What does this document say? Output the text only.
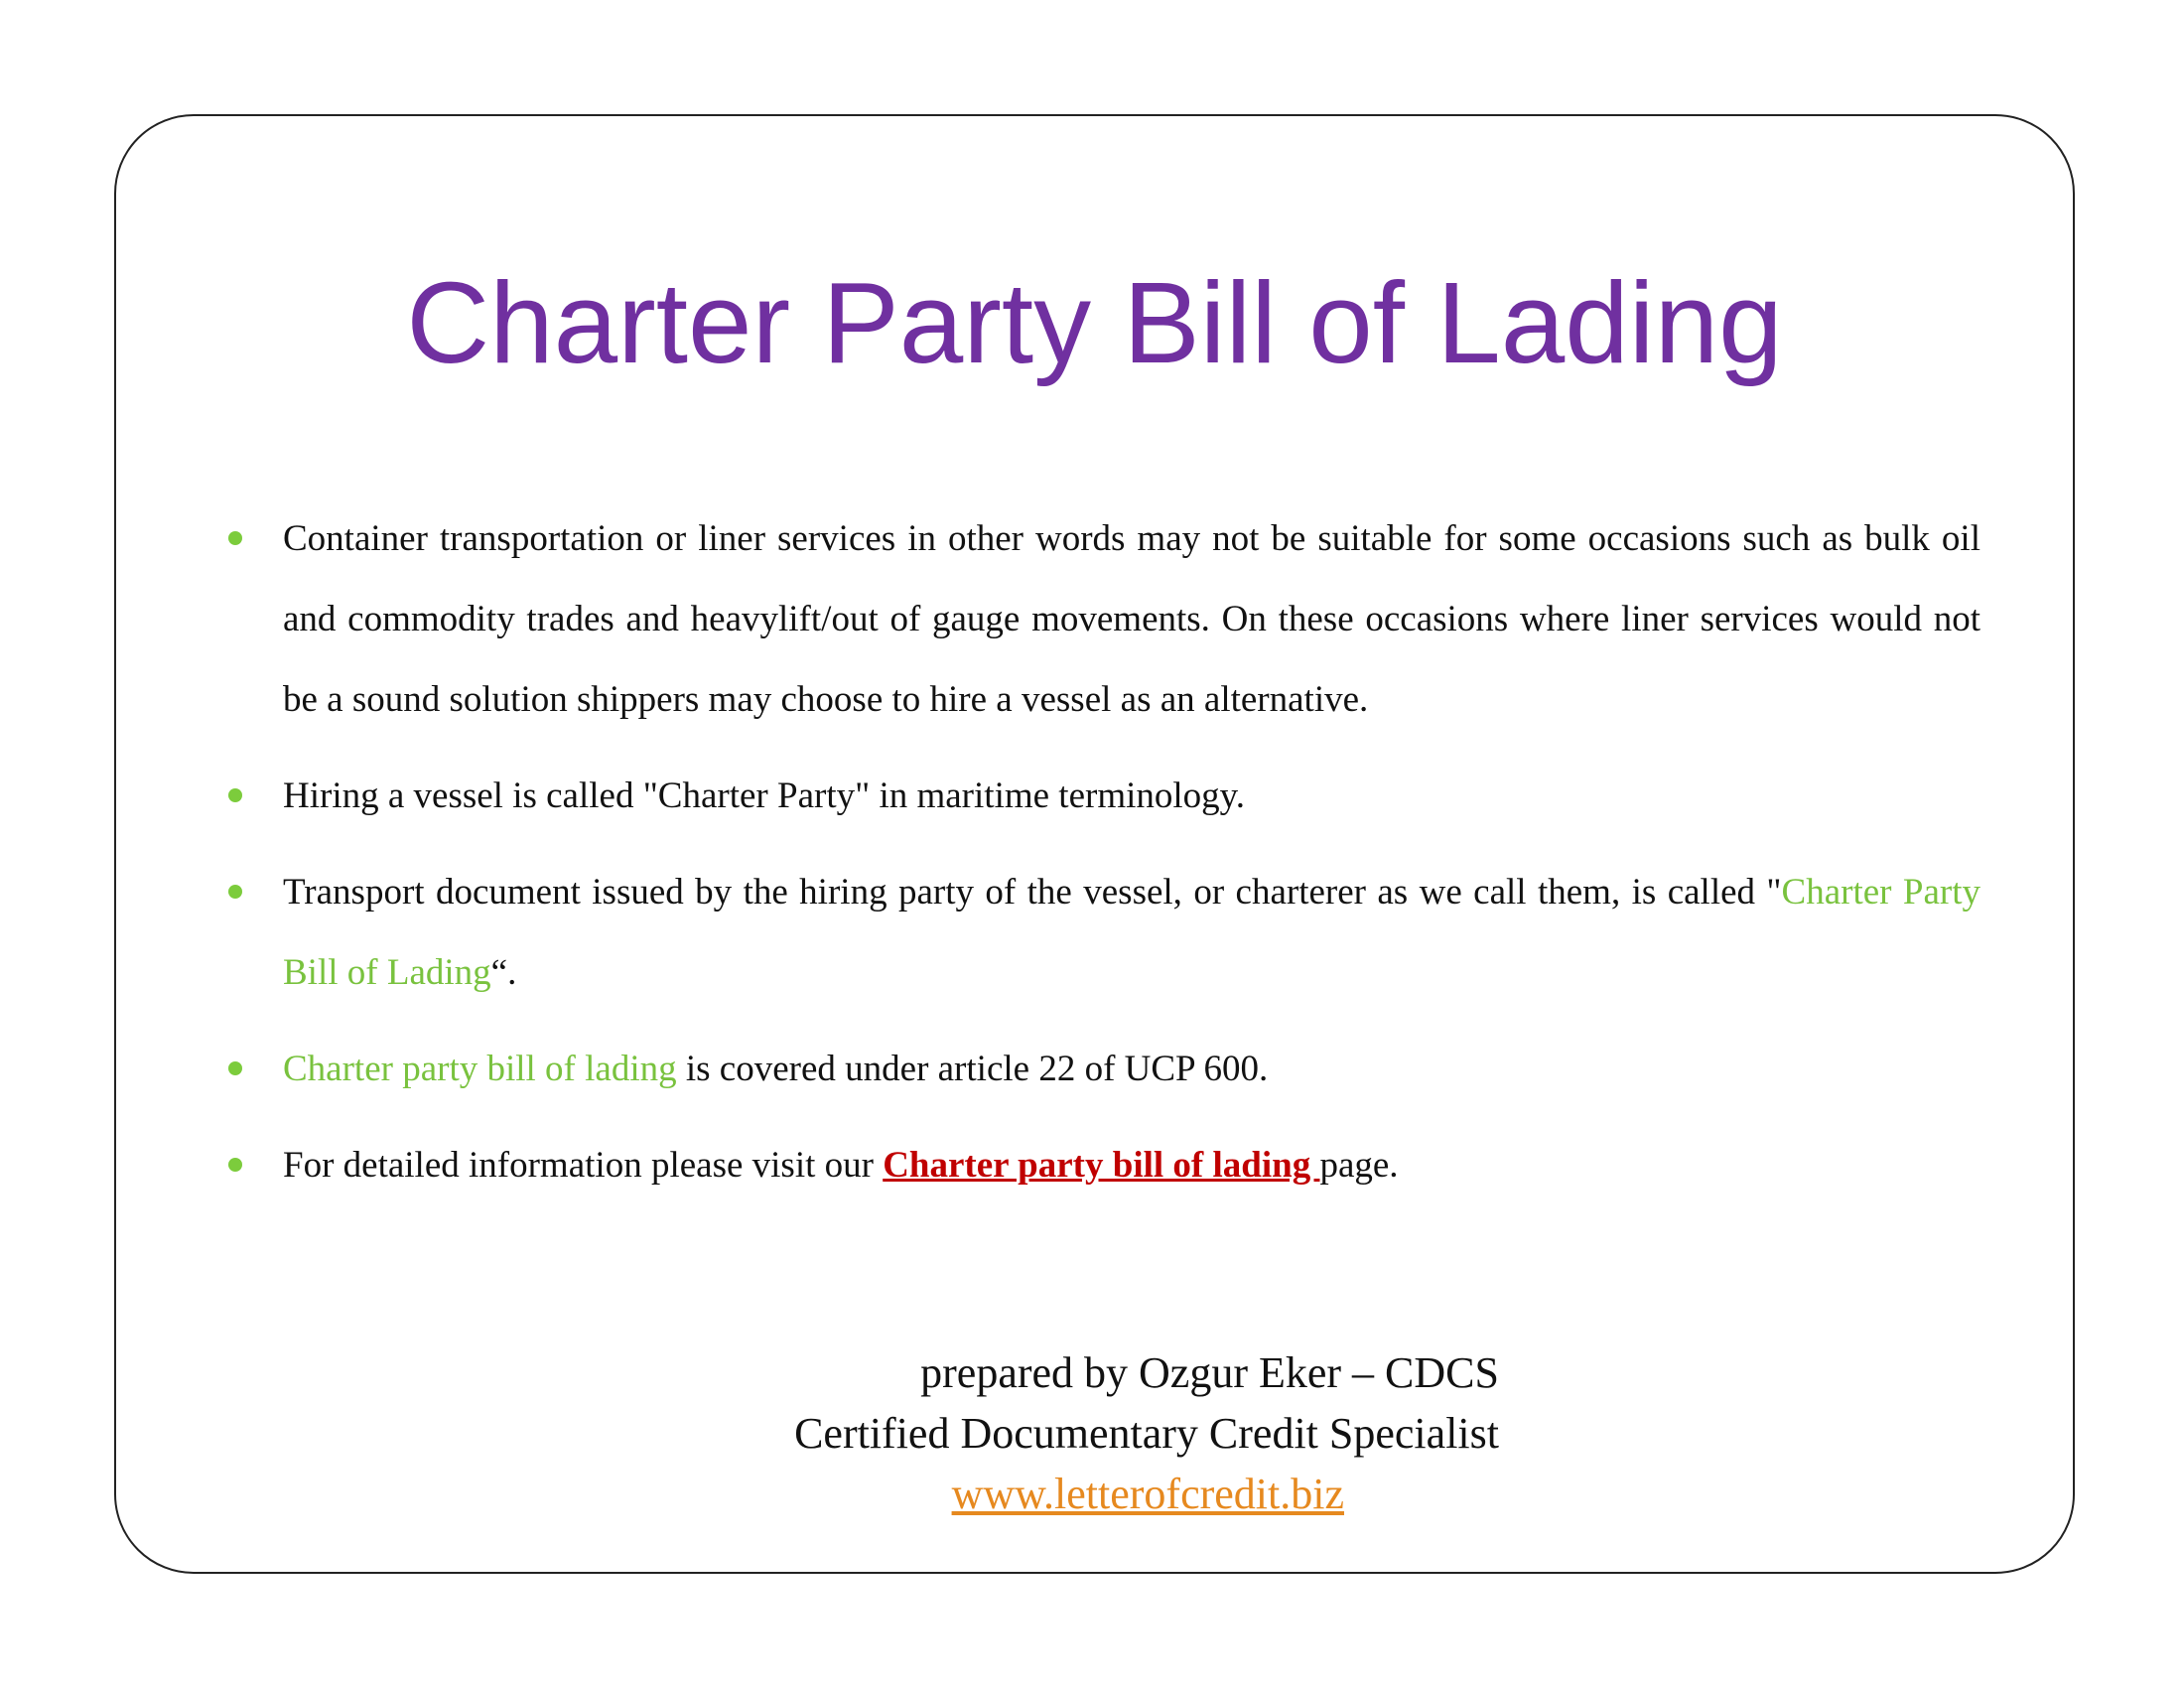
Charter Party Bill of Lading
Container transportation or liner services in other words may not be suitable for some occasions such as bulk oil and commodity trades and heavylift/out of gauge movements. On these occasions where liner services would not be a sound solution shippers may choose to hire a vessel as an alternative.
Hiring a vessel is called "Charter Party" in maritime terminology.
Transport document issued by the hiring party of the vessel, or charterer as we call them, is called "Charter Party Bill of Lading“.
Charter party bill of lading is covered under article 22 of UCP 600.
For detailed information please visit our Charter party bill of lading page.
prepared by Ozgur Eker – CDCS
Certified Documentary Credit Specialist
www.letterofcredit.biz
